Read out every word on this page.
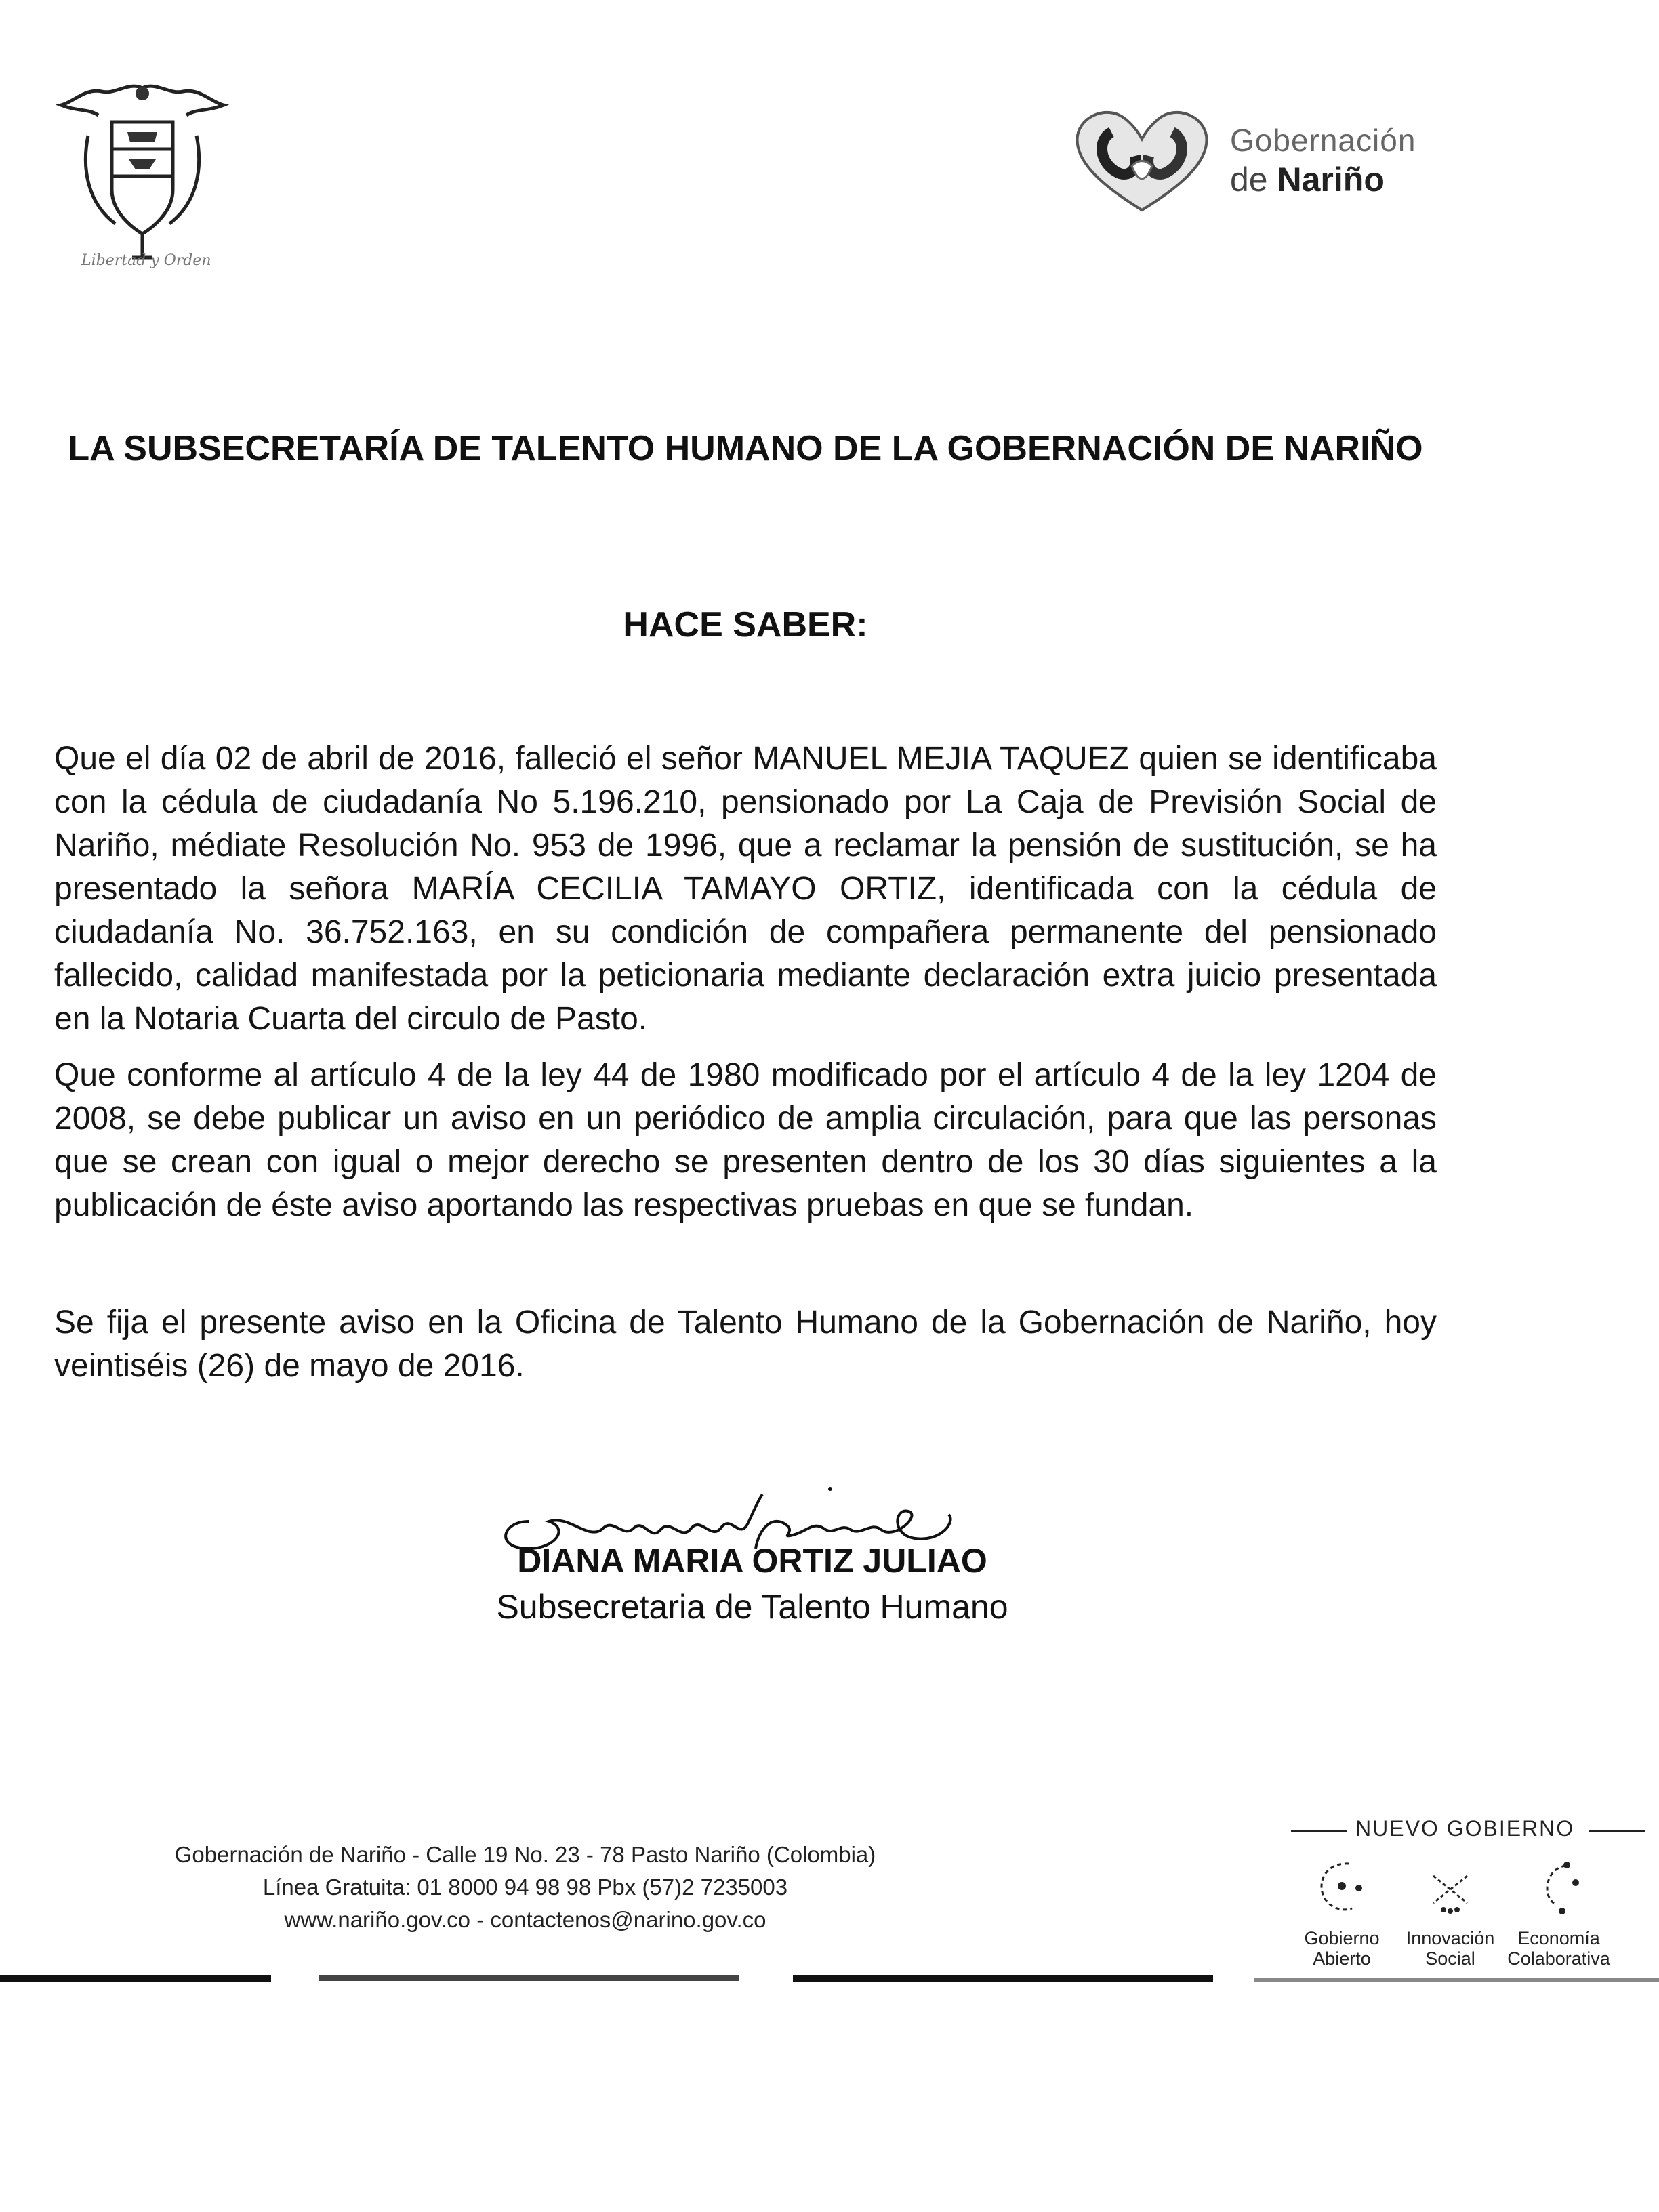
Libertad y Orden
Gobernación
de Nariño
LA SUBSECRETARÍA DE TALENTO HUMANO DE LA GOBERNACIÓN DE NARIÑO
HACE SABER:
Que el día 02 de abril de 2016, falleció el señor MANUEL MEJIA TAQUEZ quien se identificaba con la cédula de ciudadanía No 5.196.210, pensionado por La Caja de Previsión Social de Nariño, médiate Resolución No. 953 de 1996, que a reclamar la pensión de sustitución, se ha presentado la señora MARÍA CECILIA TAMAYO ORTIZ, identificada con la cédula de ciudadanía No. 36.752.163, en su condición de compañera permanente del pensionado fallecido, calidad manifestada por la peticionaria mediante declaración extra juicio presentada en la Notaria Cuarta del circulo de Pasto.
Que conforme al artículo 4 de la ley 44 de 1980 modificado por el artículo 4 de la ley 1204 de 2008, se debe publicar un aviso en un periódico de amplia circulación, para que las personas que se crean con igual o mejor derecho se presenten dentro de los 30 días siguientes a la publicación de éste aviso aportando las respectivas pruebas en que se fundan.
Se fija el presente aviso en la Oficina de Talento Humano de la Gobernación de Nariño, hoy veintiséis (26) de mayo de 2016.
DIANA MARIA ORTIZ JULIAO
Subsecretaria de Talento Humano
Gobernación de Nariño - Calle 19 No. 23 - 78 Pasto Nariño (Colombia)
Línea Gratuita: 01 8000 94 98 98 Pbx (57)2 7235003
www.nariño.gov.co - contactenos@narino.gov.co
NUEVO GOBIERNO
Gobierno
Abierto
Innovación
Social
Economía
Colaborativa
